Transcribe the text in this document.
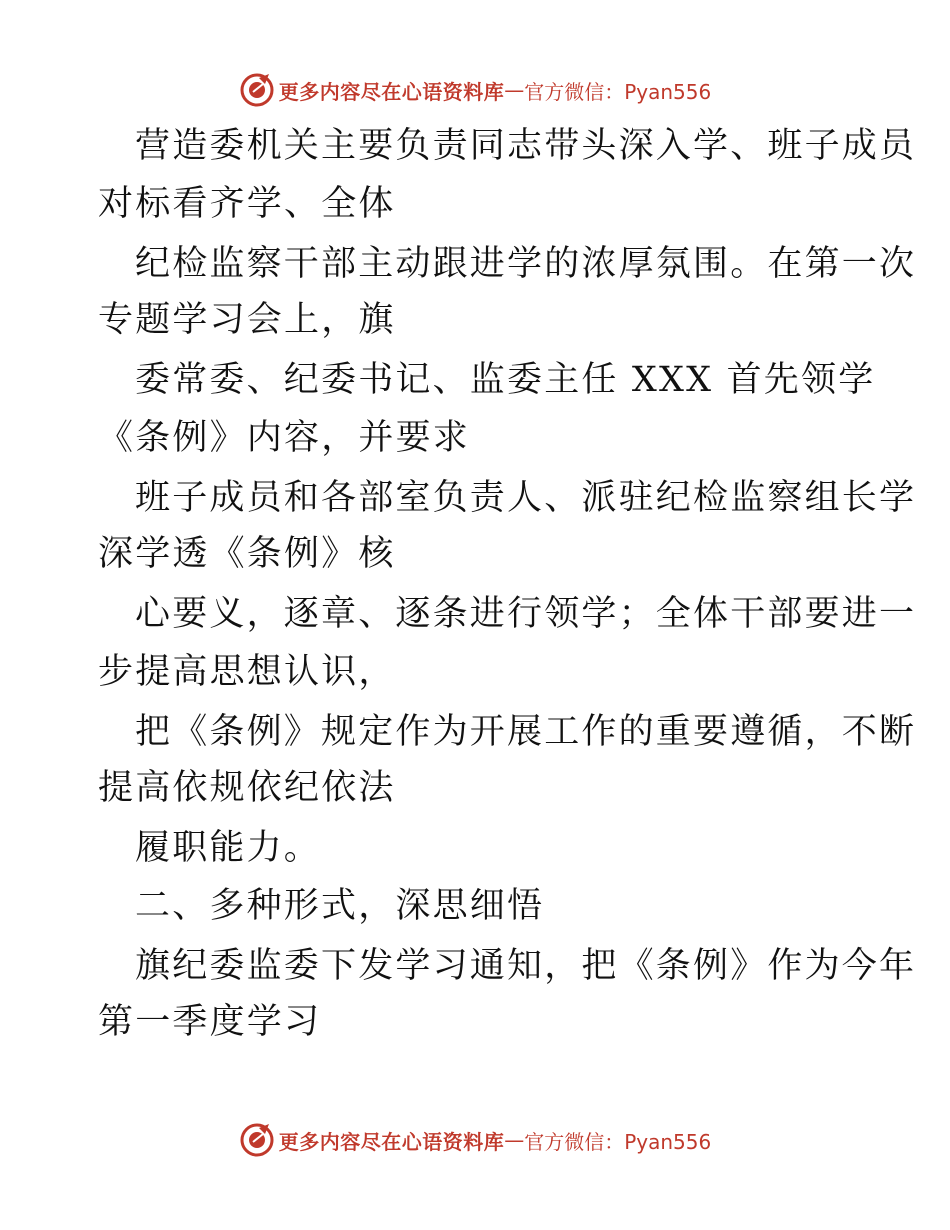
更多内容尽在心语资料库 — 官方微信：Pyan556
营造委机关主要负责同志带头深入学、班子成员
对标看齐学、全体
纪检监察干部主动跟进学的浓厚氛围。在第一次
专题学习会上，旗
委常委、纪委书记、监委主任 XXX 首先领学
《条例》内容，并要求
班子成员和各部室负责人、派驻纪检监察组长学
深学透《条例》核
心要义，逐章、逐条进行领学；全体干部要进一
步提高思想认识，
把《条例》规定作为开展工作的重要遵循，不断
提高依规依纪依法
履职能力。
二、多种形式，深思细悟
旗纪委监委下发学习通知，把《条例》作为今年
第一季度学习
更多内容尽在心语资料库 — 官方微信：Pyan556
